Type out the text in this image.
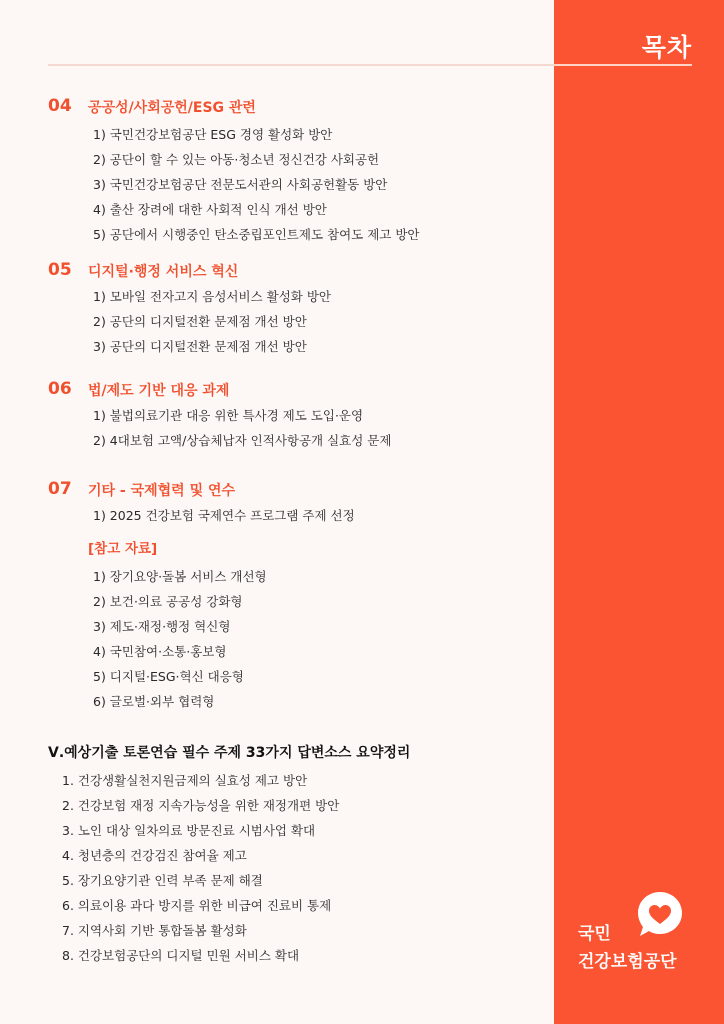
목차
04 공공성/사회공헌/ESG 관련
1) 국민건강보험공단 ESG 경영 활성화 방안
2) 공단이 할 수 있는 아동·청소년 정신건강 사회공헌
3) 국민건강보험공단 전문도서관의 사회공헌활동 방안
4) 출산 장려에 대한 사회적 인식 개선 방안
5) 공단에서 시행중인 탄소중립포인트제도 참여도 제고 방안
05 디지털·행정 서비스 혁신
1) 모바일 전자고지 음성서비스 활성화 방안
2) 공단의 디지털전환 문제점 개선 방안
3) 공단의 디지털전환 문제점 개선 방안
06 법/제도 기반 대응 과제
1) 불법의료기관 대응 위한 특사경 제도 도입·운영
2) 4대보험 고액/상습체납자 인적사항공개 실효성 문제
07 기타 - 국제협력 및 연수
1) 2025 건강보험 국제연수 프로그램 주제 선정
[참고 자료]
1) 장기요양·돌봄 서비스 개선형
2) 보건·의료 공공성 강화형
3) 제도·재정·행정 혁신형
4) 국민참여·소통·홍보형
5) 디지털·ESG·혁신 대응형
6) 글로벌·외부 협력형
Ⅴ.예상기출 토론연습 필수 주제 33가지 답변소스 요약정리
1. 건강생활실천지원금제의 실효성 제고 방안
2. 건강보험 재정 지속가능성을 위한 재정개편 방안
3. 노인 대상 일차의료 방문진료 시범사업 확대
4. 청년층의 건강검진 참여율 제고
5. 장기요양기관 인력 부족 문제 해결
6. 의료이용 과다 방지를 위한 비급여 진료비 통제
7. 지역사회 기반 통합돌봄 활성화
8. 건강보험공단의 디지털 민원 서비스 확대
국민
건강보험공단
